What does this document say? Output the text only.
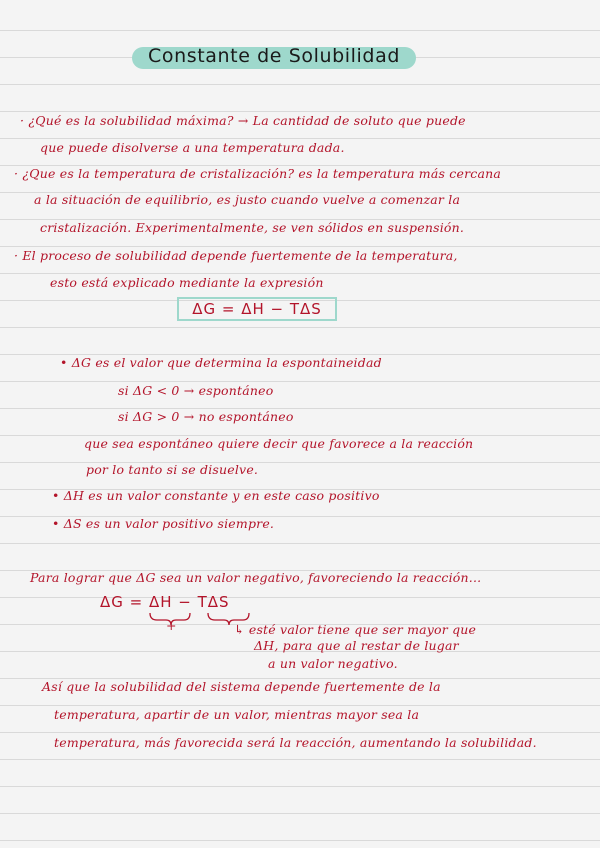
Constante de Solubilidad
· ¿Qué es la solubilidad máxima? → La cantidad de soluto que puede
que puede disolverse a una temperatura dada.
· ¿Que es la temperatura de cristalización? es la temperatura más cercana
a la situación de equilibrio, es justo cuando vuelve a comenzar la
cristalización. Experimentalmente, se ven sólidos en suspensión.
· El proceso de solubilidad depende fuertemente de la temperatura,
esto está explicado mediante la expresión
ΔG = ΔH − TΔS
• ΔG es el valor que determina la espontaineidad
si ΔG < 0 → espontáneo
si ΔG > 0 → no espontáneo
que sea espontáneo quiere decir que favorece a la reacción
por lo tanto si se disuelve.
• ΔH es un valor constante y en este caso positivo
• ΔS es un valor positivo siempre.
Para lograr que ΔG sea un valor negativo, favoreciendo la reacción...
ΔG = ΔH − TΔS
+	↳ esté valor tiene que ser mayor que
ΔH, para que al restar de lugar
a un valor negativo.
Así que la solubilidad del sistema depende fuertemente de la
temperatura, apartir de un valor, mientras mayor sea la
temperatura, más favorecida será la reacción, aumentando la solubilidad.
